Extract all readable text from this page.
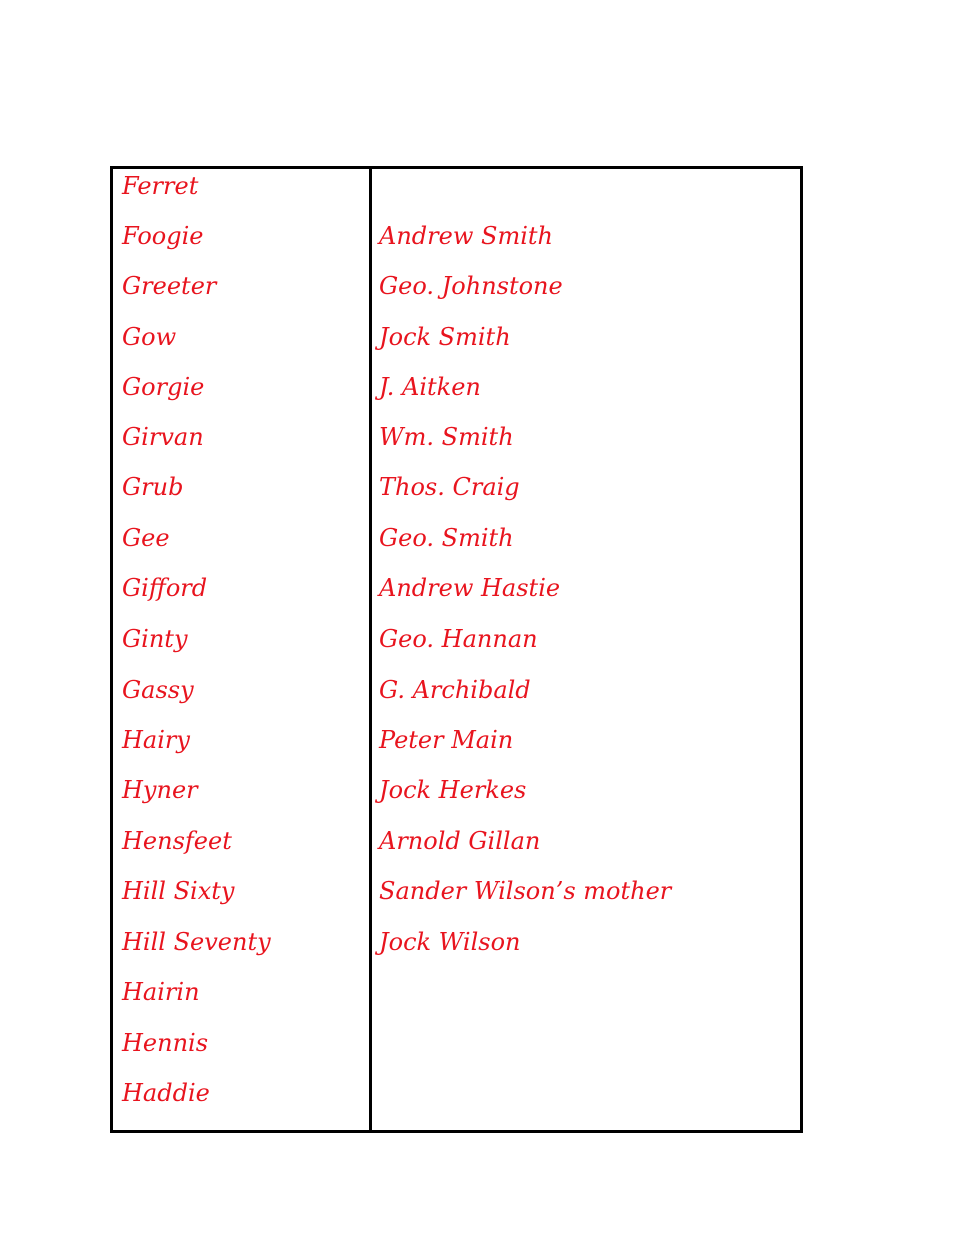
Ferret
Foogie
Greeter
Gow
Gorgie
Girvan
Grub
Gee
Gifford
Ginty
Gassy
Hairy
Hyner
Hensfeet
Hill Sixty
Hill Seventy
Hairin
Hennis
Haddie
Andrew Smith
Geo. Johnstone
Jock Smith
J. Aitken
Wm. Smith
Thos. Craig
Geo. Smith
Andrew Hastie
Geo. Hannan
G. Archibald
Peter Main
Jock Herkes
Arnold Gillan
Sander Wilson’s mother
Jock Wilson
